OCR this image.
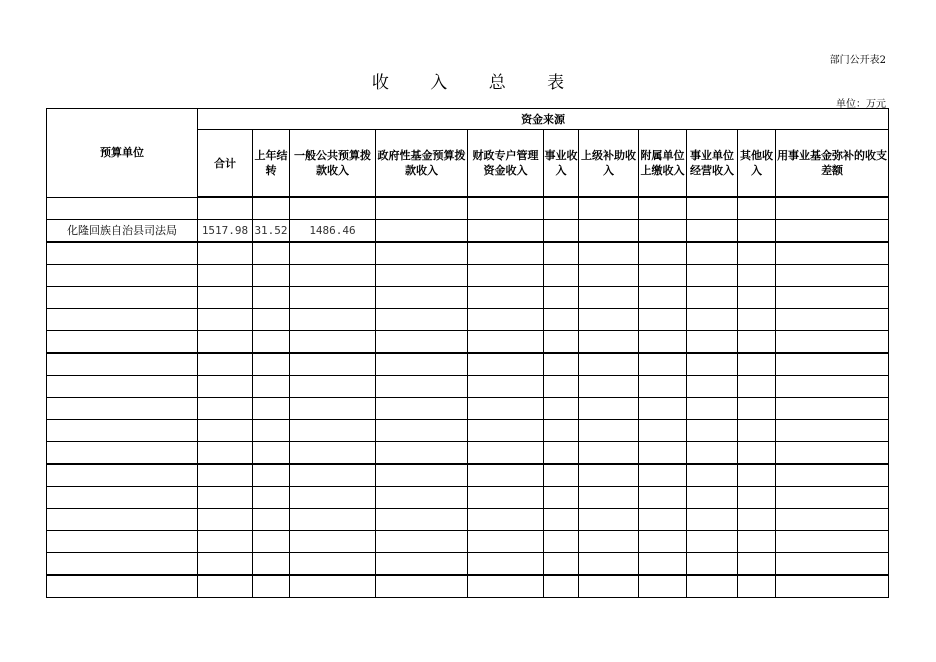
部门公开表2
收 入 总 表
单位：万元
预算单位	资金来源										
	合计	上年结转	一般公共预算拨款收入	政府性基金预算拨款收入	财政专户管理资金收入	事业收入	上级补助收入	附属单位上缴收入	事业单位经营收入	其他收入	用事业基金弥补的收支差额

化隆回族自治县司法局	1517.98	31.52	1486.46								
